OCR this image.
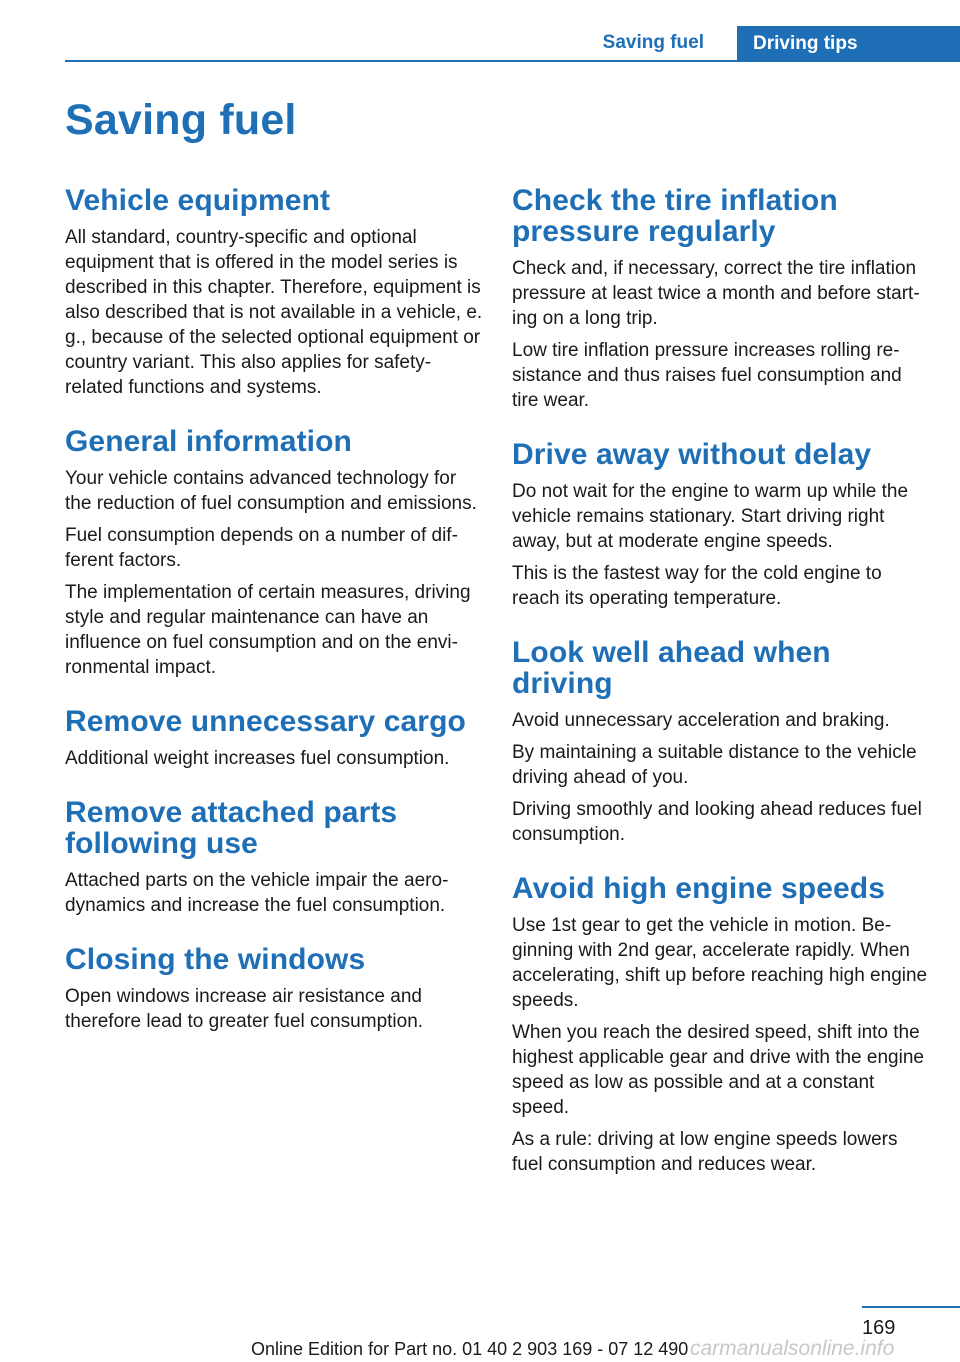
Saving fuel	Driving tips
Saving fuel
Vehicle equipment

All standard, country-specific and optional equipment that is offered in the model series is described in this chapter. Therefore, equipment is also described that is not available in a vehicle, e. g., because of the selected optional equipment or country variant. This also applies for safety-related functions and systems.

General information

Your vehicle contains advanced technology for the reduction of fuel consumption and emissions.

Fuel consumption depends on a number of different factors.

The implementation of certain measures, driving style and regular maintenance can have an influence on fuel consumption and on the environmental impact.

Remove unnecessary cargo

Additional weight increases fuel consumption.

Remove attached parts following use

Attached parts on the vehicle impair the aerodynamics and increase the fuel consumption.

Closing the windows

Open windows increase air resistance and therefore lead to greater fuel consumption.

Check the tire inflation pressure regularly

Check and, if necessary, correct the tire inflation pressure at least twice a month and before starting on a long trip.

Low tire inflation pressure increases rolling resistance and thus raises fuel consumption and tire wear.

Drive away without delay

Do not wait for the engine to warm up while the vehicle remains stationary. Start driving right away, but at moderate engine speeds.

This is the fastest way for the cold engine to reach its operating temperature.

Look well ahead when driving

Avoid unnecessary acceleration and braking.

By maintaining a suitable distance to the vehicle driving ahead of you.

Driving smoothly and looking ahead reduces fuel consumption.

Avoid high engine speeds

Use 1st gear to get the vehicle in motion. Beginning with 2nd gear, accelerate rapidly. When accelerating, shift up before reaching high engine speeds.

When you reach the desired speed, shift into the highest applicable gear and drive with the engine speed as low as possible and at a constant speed.

As a rule: driving at low engine speeds lowers fuel consumption and reduces wear.

169
Online Edition for Part no. 01 40 2 903 169 - 07 12 490 carmanualsonline.info
